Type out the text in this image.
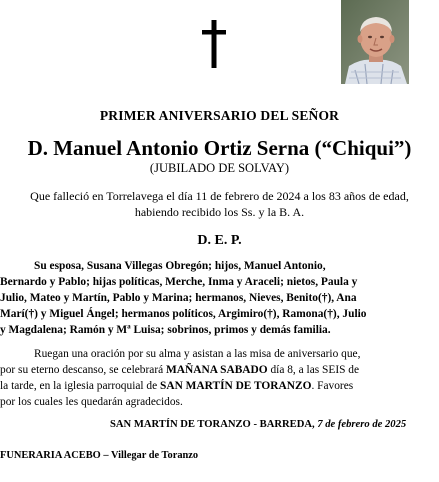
PRIMER ANIVERSARIO DEL SEÑOR
D. Manuel Antonio Ortiz Serna (“Chiqui”)
(JUBILADO DE SOLVAY)
Que falleció en Torrelavega el día 11 de febrero de 2024 a los 83 años de edad,
habiendo recibido los Ss. y la B. A.
D. E. P.
Su esposa, Susana Villegas Obregón; hijos, Manuel Antonio,
Bernardo y Pablo; hijas políticas, Merche, Inma y Araceli; nietos, Paula y
Julio, Mateo y Martín, Pablo y Marina; hermanos, Nieves, Benito(†), Ana
Marí(†) y Miguel Ángel; hermanos políticos, Argimiro(†), Ramona(†), Julio
y Magdalena; Ramón y Mª Luisa; sobrinos, primos y demás familia.
Ruegan una oración por su alma y asistan a las misa de aniversario que,
por su eterno descanso, se celebrará MAÑANA SABADO día 8, a las SEIS de
la tarde, en la iglesia parroquial de SAN MARTÍN DE TORANZO. Favores
por los cuales les quedarán agradecidos.
SAN MARTÍN DE TORANZO - BARREDA, 7 de febrero de 2025
FUNERARIA ACEBO – Villegar de Toranzo
